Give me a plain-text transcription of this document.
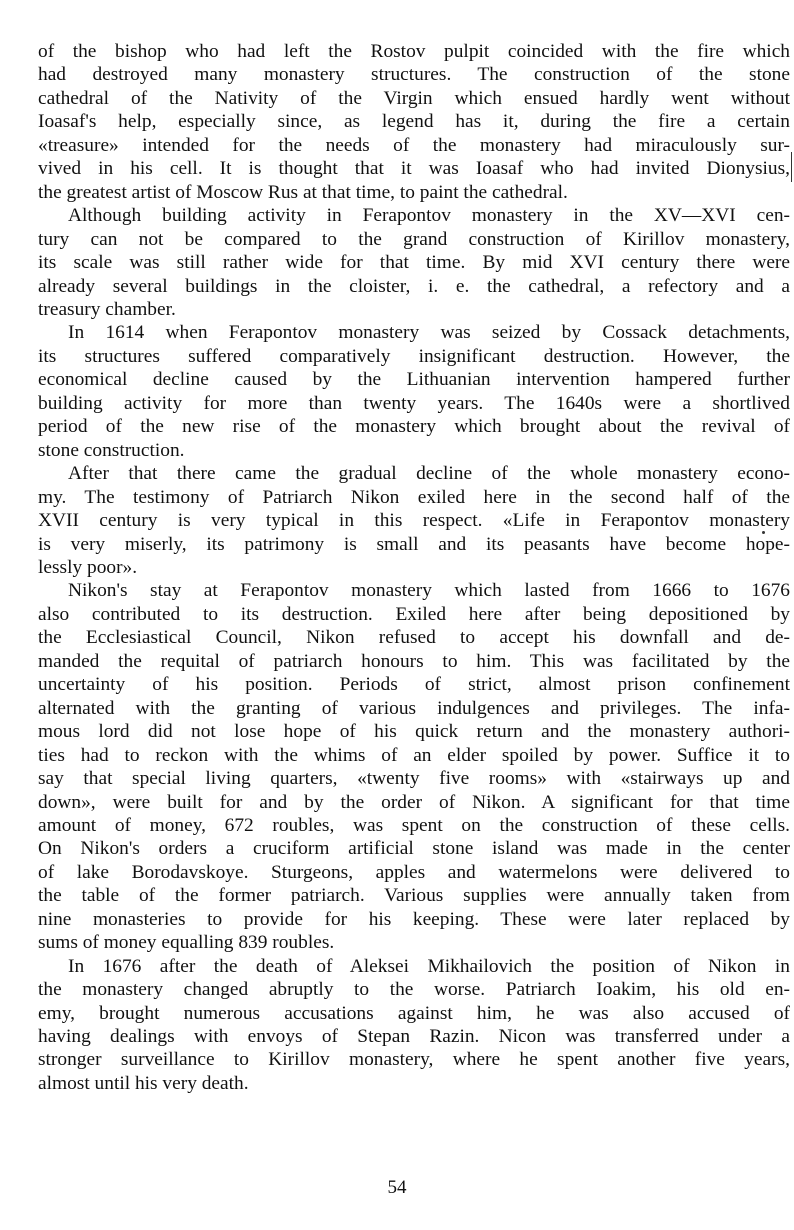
of the bishop who had left the Rostov pulpit coincided with the fire which
had destroyed many monastery structures. The construction of the stone
cathedral of the Nativity of the Virgin which ensued hardly went without
Ioasaf's help, especially since, as legend has it, during the fire a certain
«treasure» intended for the needs of the monastery had miraculously sur-
vived in his cell. It is thought that it was Ioasaf who had invited Dionysius,
the greatest artist of Moscow Rus at that time, to paint the cathedral.
Although building activity in Ferapontov monastery in the XV—XVI cen-
tury can not be compared to the grand construction of Kirillov monastery,
its scale was still rather wide for that time. By mid XVI century there were
already several buildings in the cloister, i. e. the cathedral, a refectory and a
treasury chamber.
In 1614 when Ferapontov monastery was seized by Cossack detachments,
its structures suffered comparatively insignificant destruction. However, the
economical decline caused by the Lithuanian intervention hampered further
building activity for more than twenty years. The 1640s were a shortlived
period of the new rise of the monastery which brought about the revival of
stone construction.
After that there came the gradual decline of the whole monastery econo-
my. The testimony of Patriarch Nikon exiled here in the second half of the
XVII century is very typical in this respect. «Life in Ferapontov monastery
is very miserly, its patrimony is small and its peasants have become hope-
lessly poor».
Nikon's stay at Ferapontov monastery which lasted from 1666 to 1676
also contributed to its destruction. Exiled here after being depositioned by
the Ecclesiastical Council, Nikon refused to accept his downfall and de-
manded the requital of patriarch honours to him. This was facilitated by the
uncertainty of his position. Periods of strict, almost prison confinement
alternated with the granting of various indulgences and privileges. The infa-
mous lord did not lose hope of his quick return and the monastery authori-
ties had to reckon with the whims of an elder spoiled by power. Suffice it to
say that special living quarters, «twenty five rooms» with «stairways up and
down», were built for and by the order of Nikon. A significant for that time
amount of money, 672 roubles, was spent on the construction of these cells.
On Nikon's orders a cruciform artificial stone island was made in the center
of lake Borodavskoye. Sturgeons, apples and watermelons were delivered to
the table of the former patriarch. Various supplies were annually taken from
nine monasteries to provide for his keeping. These were later replaced by
sums of money equalling 839 roubles.
In 1676 after the death of Aleksei Mikhailovich the position of Nikon in
the monastery changed abruptly to the worse. Patriarch Ioakim, his old en-
emy, brought numerous accusations against him, he was also accused of
having dealings with envoys of Stepan Razin. Nicon was transferred under a
stronger surveillance to Kirillov monastery, where he spent another five years,
almost until his very death.
54
